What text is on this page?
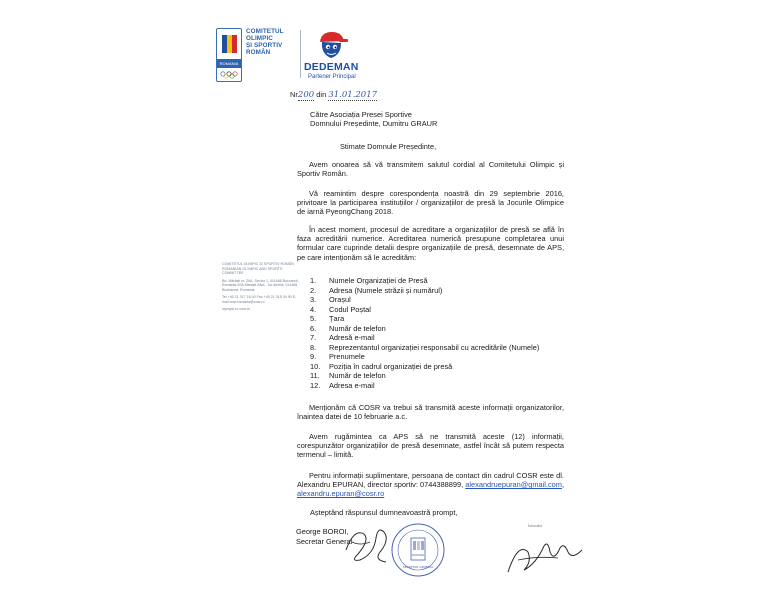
ROMANIA
COMITETUL
OLIMPIC
ȘI SPORTIV
ROMÂN
DEDEMAN
Partener Principal
Nr200 din 31.01.2017

Către Asociația Presei Sportive

Domnului Președinte, Dumitru GRAUR

Stimate Domnule Președinte,
Avem onoarea să vă transmitem salutul cordial al Comitetului Olimpic și Sportiv Român.
Vă reamintim despre corespondența noastră din 29 septembrie 2016, privitoare la participarea instituțiilor / organizațiilor de presă la Jocurile Olimpice de iarnă PyeongChang 2018.
În acest moment, procesul de acreditare a organizațiilor de presă se află în faza acreditării numerice. Acreditarea numerică presupune completarea unui formular care cuprinde detalii despre organizațiile de presă, desemnate de APS, pe care intenționăm să le acredităm:
1.	Numele Organizației de Presă
2.	Adresa (Numele străzii și numărul)
3.	Orașul
4.	Codul Poștal
5.	Țara
6.	Număr de telefon
7.	Adresă e-mail
8.	Reprezentantul organizației responsabil cu acreditările (Numele)
9.	Prenumele
10.	Poziția în cadrul organizației de presă
11.	Număr de telefon
12.	Adresa e-mail
Menționăm că COSR va trebui să transmită aceste informații organizatorilor, înaintea datei de 10 februarie a.c.
Avem rugămintea ca APS să ne transmită aceste (12) informații, corespunzător organizațiilor de presă desemnate, astfel încât să putem respecta termenul – limită.
Pentru informații suplimentare, persoana de contact din cadrul COSR este dl. Alexandru EPURAN, director sportiv: 0744388899, alexandruepuran@gmail.com, alexandru.epuran@cosr.ro
Așteptând răspunsul dumneavoastră prompt,
George BOROI,
Secretar General

COMITETUL OLIMPIC ȘI SPORTIV ROMÂN ROMANIAN OLYMPIC AND SPORTS COMMITTEE

Bd. Mărăști nr. 20A, Sector 1, 011468 București, România 20A Marasti Blvd., 1st district, 011468 Bucharest, Romania

Tel +40 21 317 16 00 Fax +40 21 315 04 90 E-mail cosr.romania@cosr.ro

olympic.ro cosr.ro

ROMANIA
SECRETAR GENERAL
Înlocuitor
